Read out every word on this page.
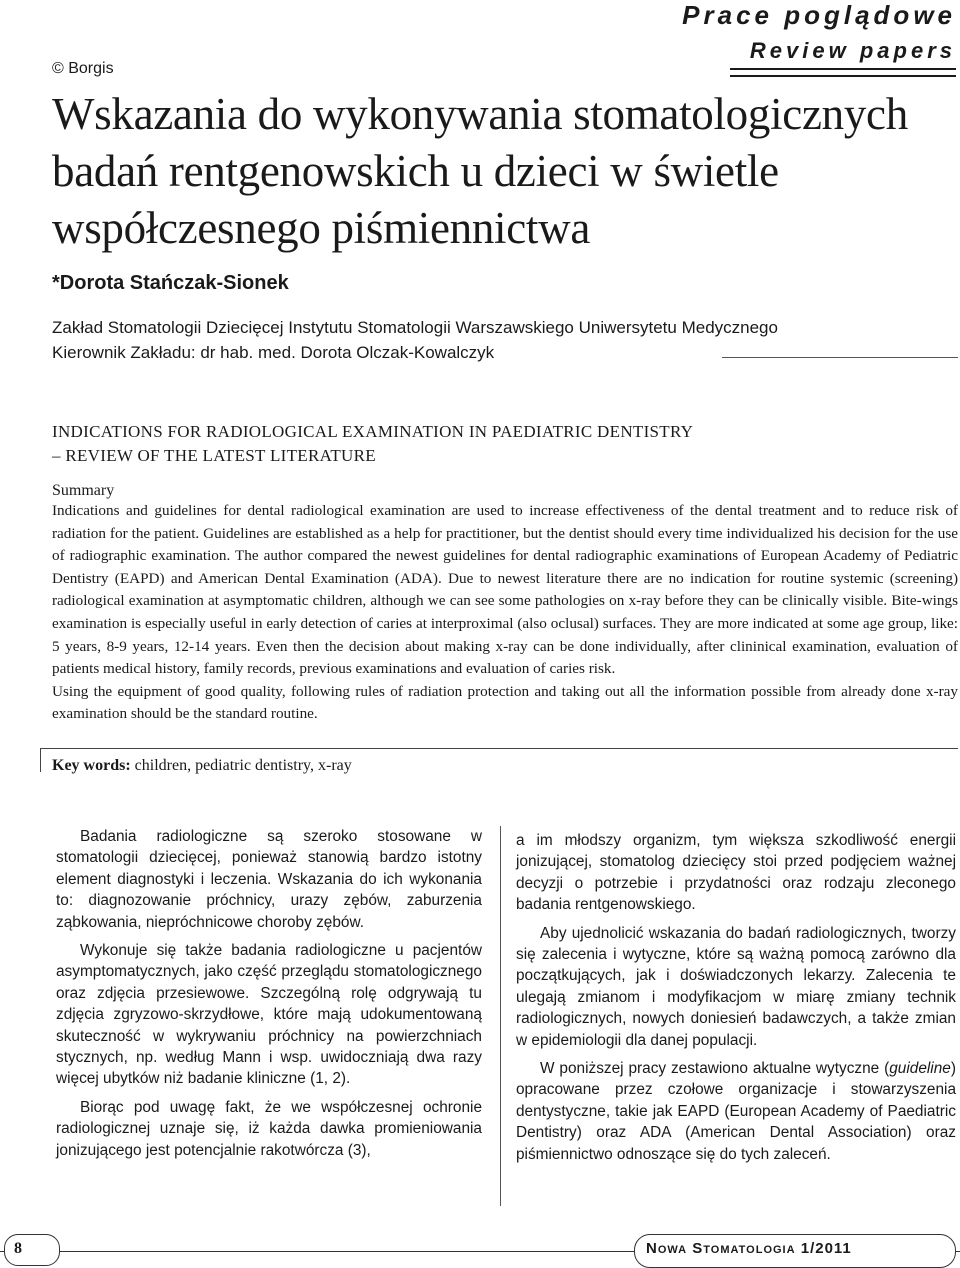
© Borgis
Prace poglądowe
Review papers
Wskazania do wykonywania stomatologicznych
badań rentgenowskich u dzieci w świetle
współczesnego piśmiennictwa
*Dorota Stańczak-Sionek
Zakład Stomatologii Dziecięcej Instytutu Stomatologii Warszawskiego Uniwersytetu Medycznego
Kierownik Zakładu: dr hab. med. Dorota Olczak-Kowalczyk
INDICATIONS FOR RADIOLOGICAL EXAMINATION IN PAEDIATRIC DENTISTRY
– REVIEW OF THE LATEST LITERATURE
Summary

Indications and guidelines for dental radiological examination are used to increase effectiveness of the dental treatment and to reduce risk of radiation for the patient. Guidelines are established as a help for practitioner, but the dentist should every time individualized his decision for the use of radiographic examination. The author compared the newest guidelines for dental radiographic examinations of European Academy of Pediatric Dentistry (EAPD) and American Dental Examination (ADA). Due to newest literature there are no indication for routine systemic (screening) radiological examination at asymptomatic children, although we can see some pathologies on x-ray before they can be clinically visible. Bite-wings examination is especially useful in early detection of caries at interproximal (also oclusal) surfaces. They are more indicated at some age group, like: 5 years, 8-9 years, 12-14 years. Even then the decision about making x-ray can be done individually, after clininical examination, evaluation of patients medical history, family records, previous examinations and evaluation of caries risk.

Using the equipment of good quality, following rules of radiation protection and taking out all the information possible from already done x-ray examination should be the standard routine.

Key words: children, pediatric dentistry, x-ray

Badania radiologiczne są szeroko stosowane w stomatologii dziecięcej, ponieważ stanowią bardzo istotny element diagnostyki i leczenia. Wskazania do ich wykonania to: diagnozowanie próchnicy, urazy zębów, zaburzenia ząbkowania, niepróchnicowe choroby zębów.

Wykonuje się także badania radiologiczne u pacjentów asymptomatycznych, jako część przeglądu stomatologicznego oraz zdjęcia przesiewowe. Szczególną rolę odgrywają tu zdjęcia zgryzowo-skrzydłowe, które mają udokumentowaną skuteczność w wykrywaniu próchnicy na powierzchniach stycznych, np. według Mann i wsp. uwidoczniają dwa razy więcej ubytków niż badanie kliniczne (1, 2).

Biorąc pod uwagę fakt, że we współczesnej ochronie radiologicznej uznaje się, iż każda dawka promieniowania jonizującego jest potencjalnie rakotwórcza (3),

a im młodszy organizm, tym większa szkodliwość energii jonizującej, stomatolog dziecięcy stoi przed podjęciem ważnej decyzji o potrzebie i przydatności oraz rodzaju zleconego badania rentgenowskiego.

Aby ujednolicić wskazania do badań radiologicznych, tworzy się zalecenia i wytyczne, które są ważną pomocą zarówno dla początkujących, jak i doświadczonych lekarzy. Zalecenia te ulegają zmianom i modyfikacjom w miarę zmiany technik radiologicznych, nowych doniesień badawczych, a także zmian w epidemiologii dla danej populacji.

W poniższej pracy zestawiono aktualne wytyczne (guideline) opracowane przez czołowe organizacje i stowarzyszenia dentystyczne, takie jak EAPD (European Academy of Paediatric Dentistry) oraz ADA (American Dental Association) oraz piśmiennictwo odnoszące się do tych zaleceń.

8	Nowa Stomatologia 1/2011
